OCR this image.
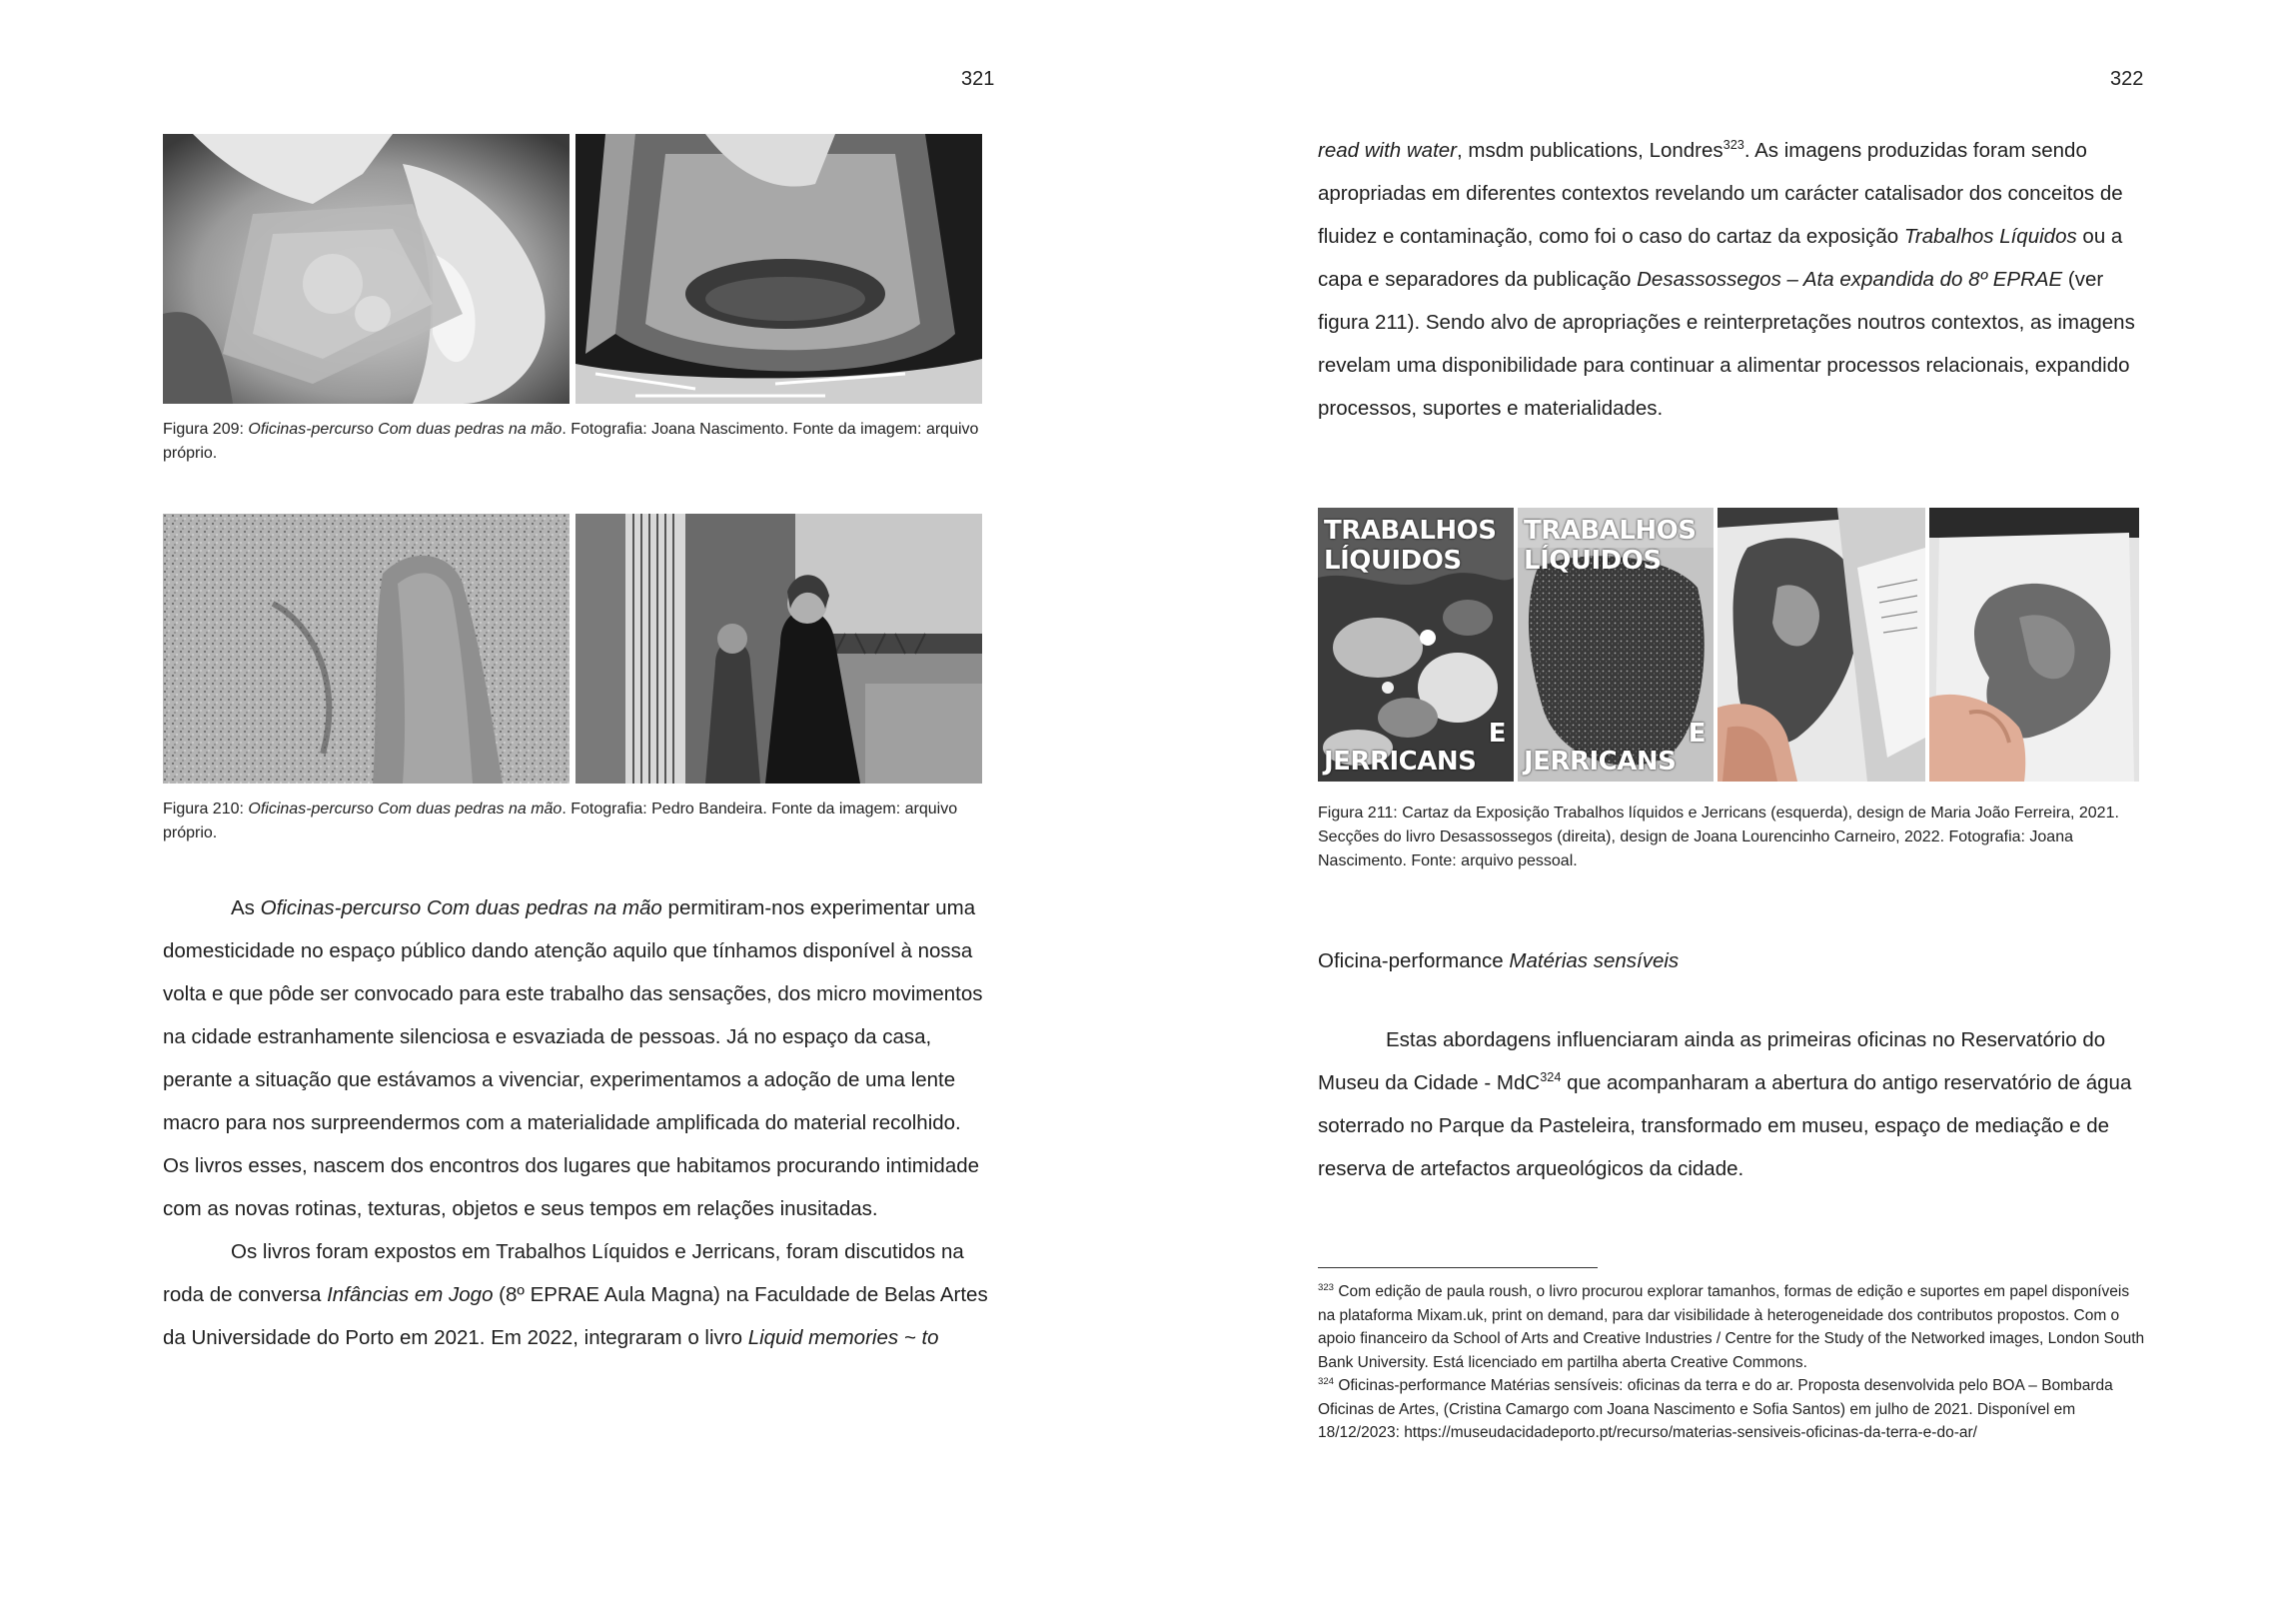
321
Figura 209: Oficinas-percurso Com duas pedras na mão. Fotografia: Joana Nascimento. Fonte da imagem: arquivo próprio.
Figura 210: Oficinas-percurso Com duas pedras na mão. Fotografia: Pedro Bandeira. Fonte da imagem: arquivo próprio.

As Oficinas-percurso Com duas pedras na mão permitiram-nos experimentar uma domesticidade no espaço público dando atenção aquilo que tínhamos disponível à nossa volta e que pôde ser convocado para este trabalho das sensações, dos micro movimentos na cidade estranhamente silenciosa e esvaziada de pessoas. Já no espaço da casa, perante a situação que estávamos a vivenciar, experimentamos a adoção de uma lente macro para nos surpreendermos com a materialidade amplificada do material recolhido. Os livros esses, nascem dos encontros dos lugares que habitamos procurando intimidade com as novas rotinas, texturas, objetos e seus tempos em relações inusitadas.

Os livros foram expostos em Trabalhos Líquidos e Jerricans, foram discutidos na roda de conversa Infâncias em Jogo (8º EPRAE Aula Magna) na Faculdade de Belas Artes da Universidade do Porto em 2021. Em 2022, integraram o livro Liquid memories ~ to

322

read with water, msdm publications, Londres$^{323}$. As imagens produzidas foram sendo apropriadas em diferentes contextos revelando um carácter catalisador dos conceitos de fluidez e contaminação, como foi o caso do cartaz da exposição Trabalhos Líquidos ou a capa e separadores da publicação Desassossegos – Ata expandida do 8º EPRAE (ver figura 211). Sendo alvo de apropriações e reinterpretações noutros contextos, as imagens revelam uma disponibilidade para continuar a alimentar processos relacionais, expandido processos, suportes e materialidades.

TRABALHOS
LÍQUIDOS
E
JERRICANS
TRABALHOS
LÍQUIDOS
E
JERRICANS
Figura 211: Cartaz da Exposição Trabalhos líquidos e Jerricans (esquerda), design de Maria João Ferreira, 2021. Secções do livro Desassossegos (direita), design de Joana Lourencinho Carneiro, 2022. Fotografia: Joana Nascimento. Fonte: arquivo pessoal.
Oficina-performance Matérias sensíveis

Estas abordagens influenciaram ainda as primeiras oficinas no Reservatório do Museu da Cidade - MdC$^{324}$ que acompanharam a abertura do antigo reservatório de água soterrado no Parque da Pasteleira, transformado em museu, espaço de mediação e de reserva de artefactos arqueológicos da cidade.

$^{323}$ Com edição de paula roush, o livro procurou explorar tamanhos, formas de edição e suportes em papel disponíveis na plataforma Mixam.uk, print on demand, para dar visibilidade à heterogeneidade dos contributos propostos. Com o apoio financeiro da School of Arts and Creative Industries / Centre for the Study of the Networked images, London South Bank University. Está licenciado em partilha aberta Creative Commons.

$^{324}$ Oficinas-performance Matérias sensíveis: oficinas da terra e do ar. Proposta desenvolvida pelo BOA – Bombarda Oficinas de Artes, (Cristina Camargo com Joana Nascimento e Sofia Santos) em julho de 2021. Disponível em 18/12/2023: https://museudacidadeporto.pt/recurso/materias-sensiveis-oficinas-da-terra-e-do-ar/
